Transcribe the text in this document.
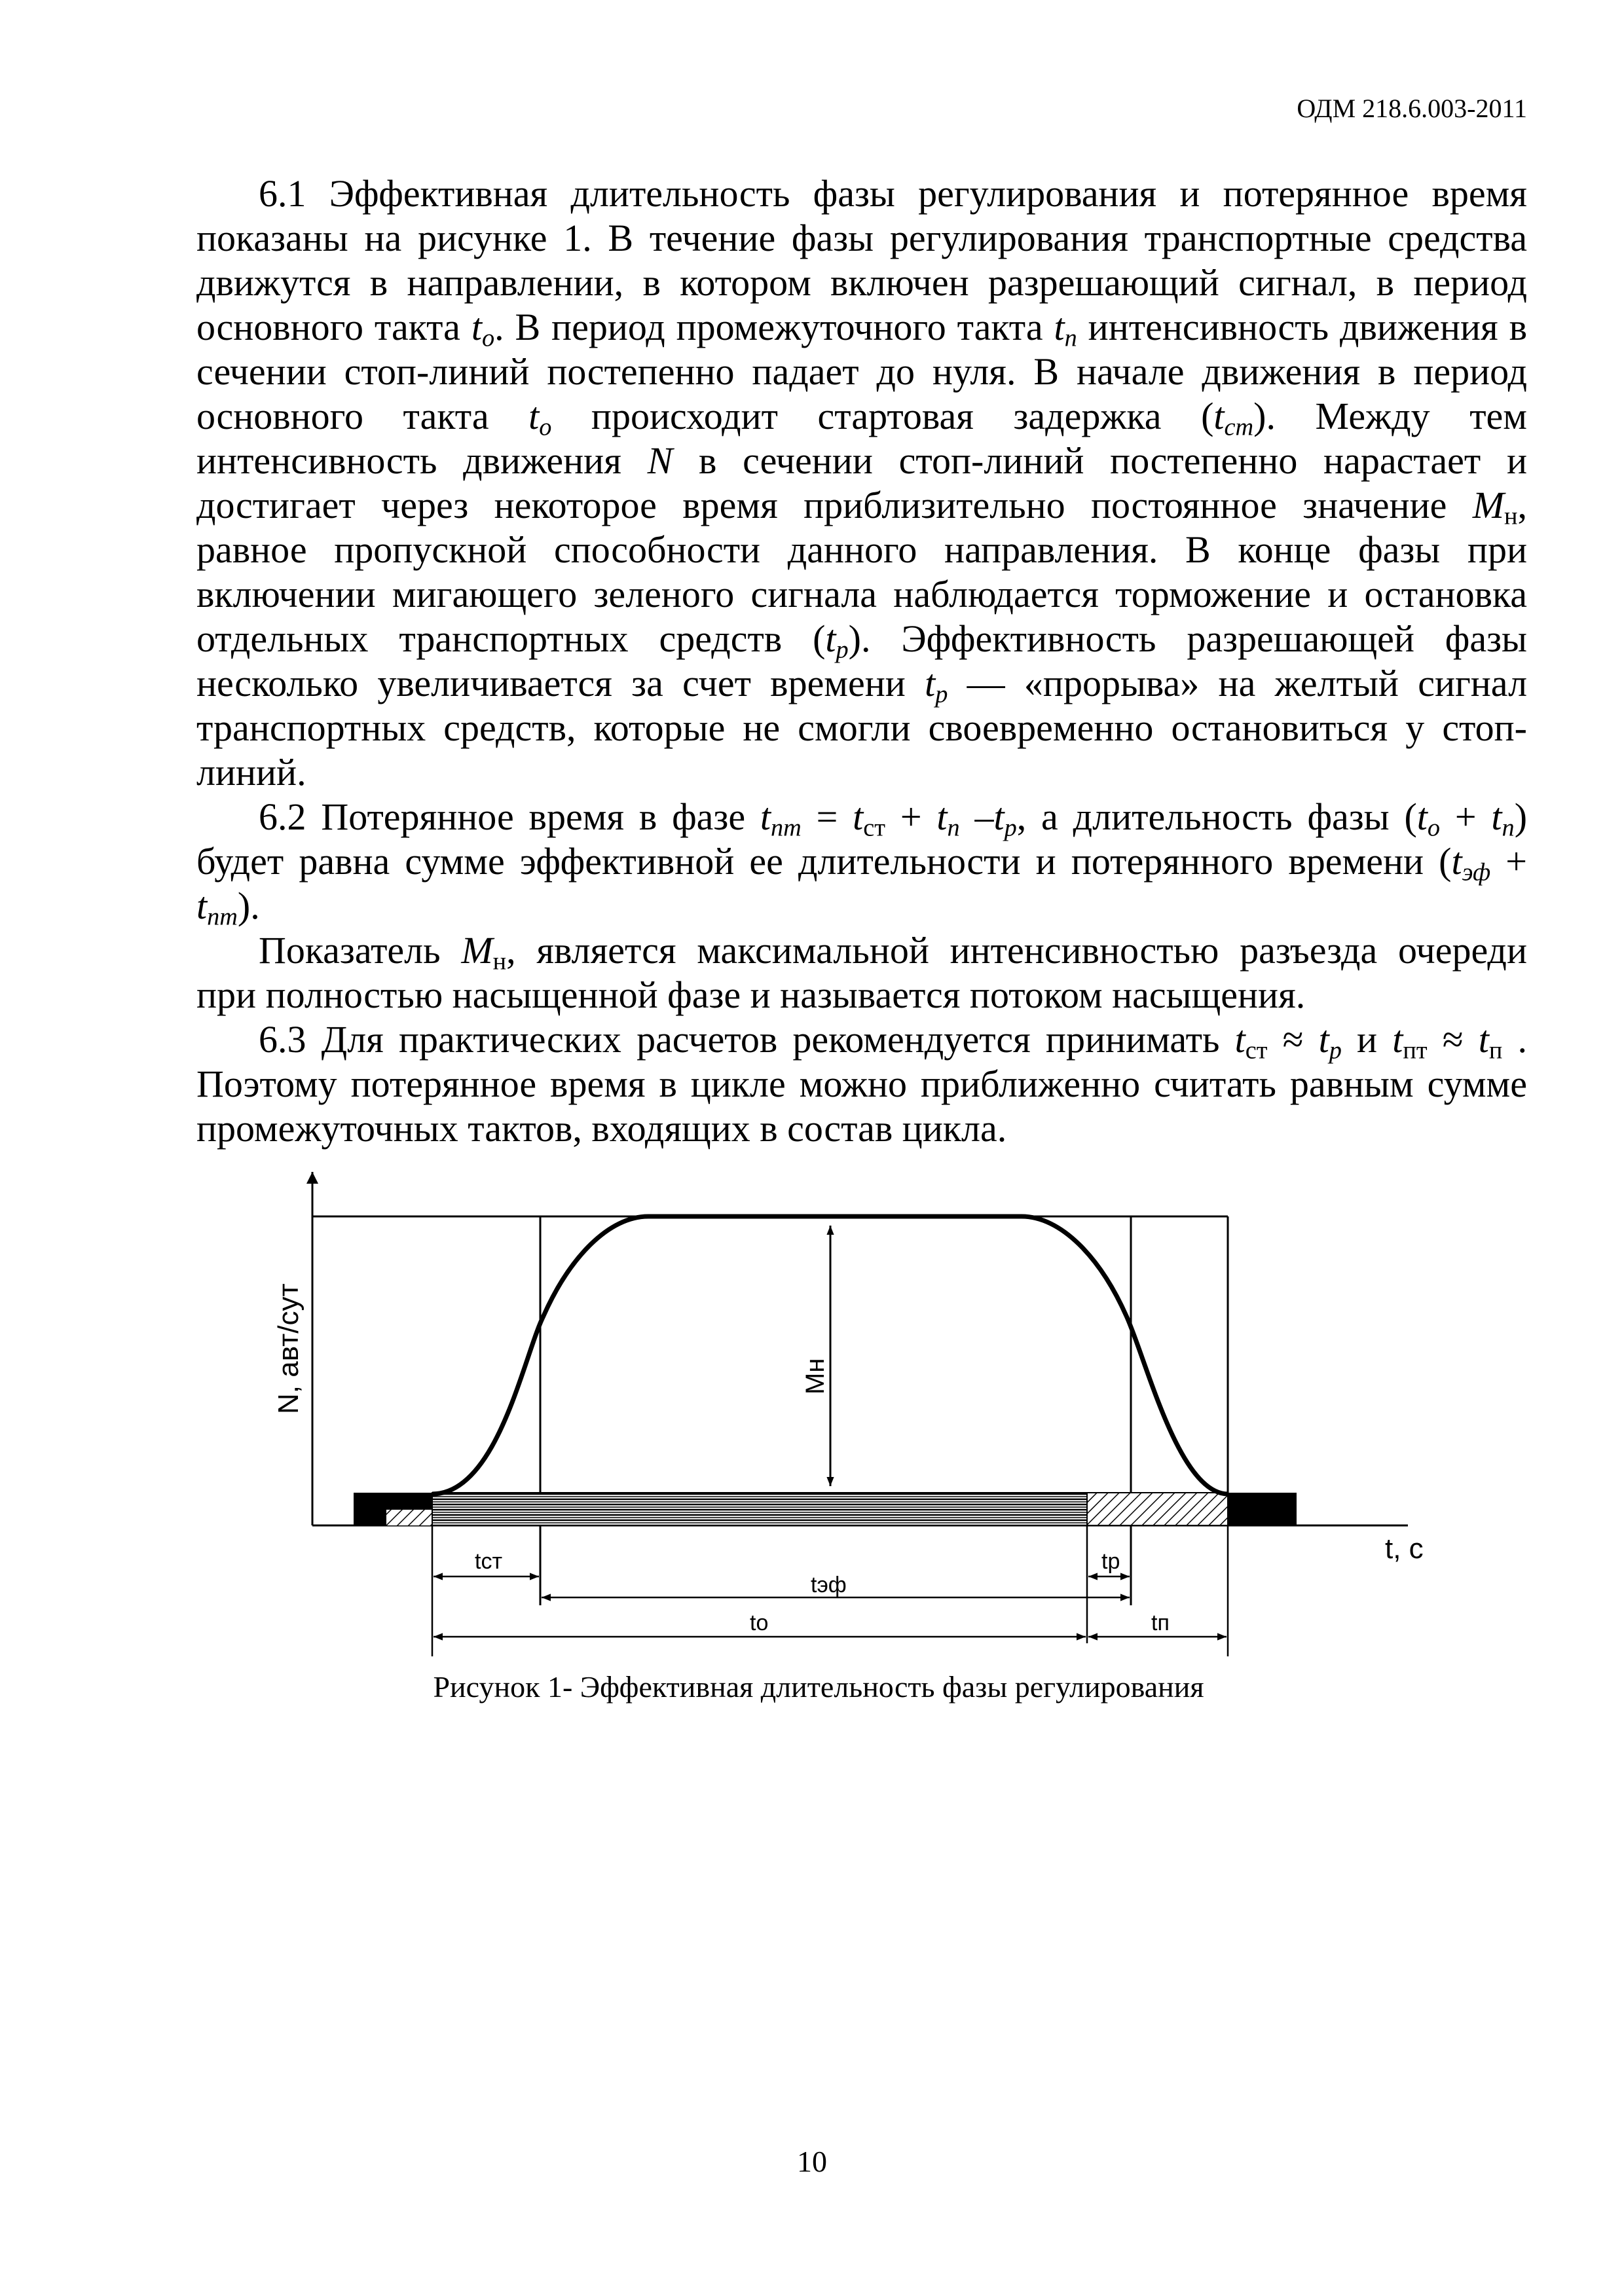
ОДМ 218.6.003-2011

6.1 Эффективная длительность фазы регулирования и потерянное время показаны на рисунке 1. В течение фазы регулирования транспортные средства движутся в направлении, в котором включен разрешающий сигнал, в период основного такта $t_o$. В период промежуточного такта $t_п$ интенсивность движения в сечении стоп-линий постепенно падает до нуля. В начале движения в период основного такта $t_o$ происходит стартовая задержка $(t_{cm})$. Между тем интенсивность движения N в сечении стоп-линий постепенно нарастает и достигает через некоторое время приблизительно постоянное значение $М_н$, равное пропускной способности данного направления. В конце фазы при включении мигающего зеленого сигнала наблюдается торможение и остановка отдельных транспортных средств $(t_р)$. Эффективность разрешающей фазы несколько увеличивается за счет времени $t_р$ — «прорыва» на желтый сигнал транспортных средств, которые не смогли своевременно остановиться у стоп-линий.

6.2 Потерянное время в фазе $t_{пт} = t_{ст} + t_п$ $-t_р$, а длительность фазы $(t_о + t_п)$ будет равна сумме эффективной ее длительности и потерянного времени $(t_{эф} + t_{пт})$.

Показатель $М_н$, является максимальной интенсивностью разъезда очереди при полностью насыщенной фазе и называется потоком насыщения.

6.3 Для практических расчетов рекомендуется принимать $t_{ст} \approx t_р$ и $t_{пт} \approx t_п$ . Поэтому потерянное время в цикле можно приближенно считать равным сумме промежуточных тактов, входящих в состав цикла.

N, авт/сут
t, c
Мн
tст	tр
tэф
tо	tп
Рисунок 1- Эффективная длительность фазы регулирования
10
